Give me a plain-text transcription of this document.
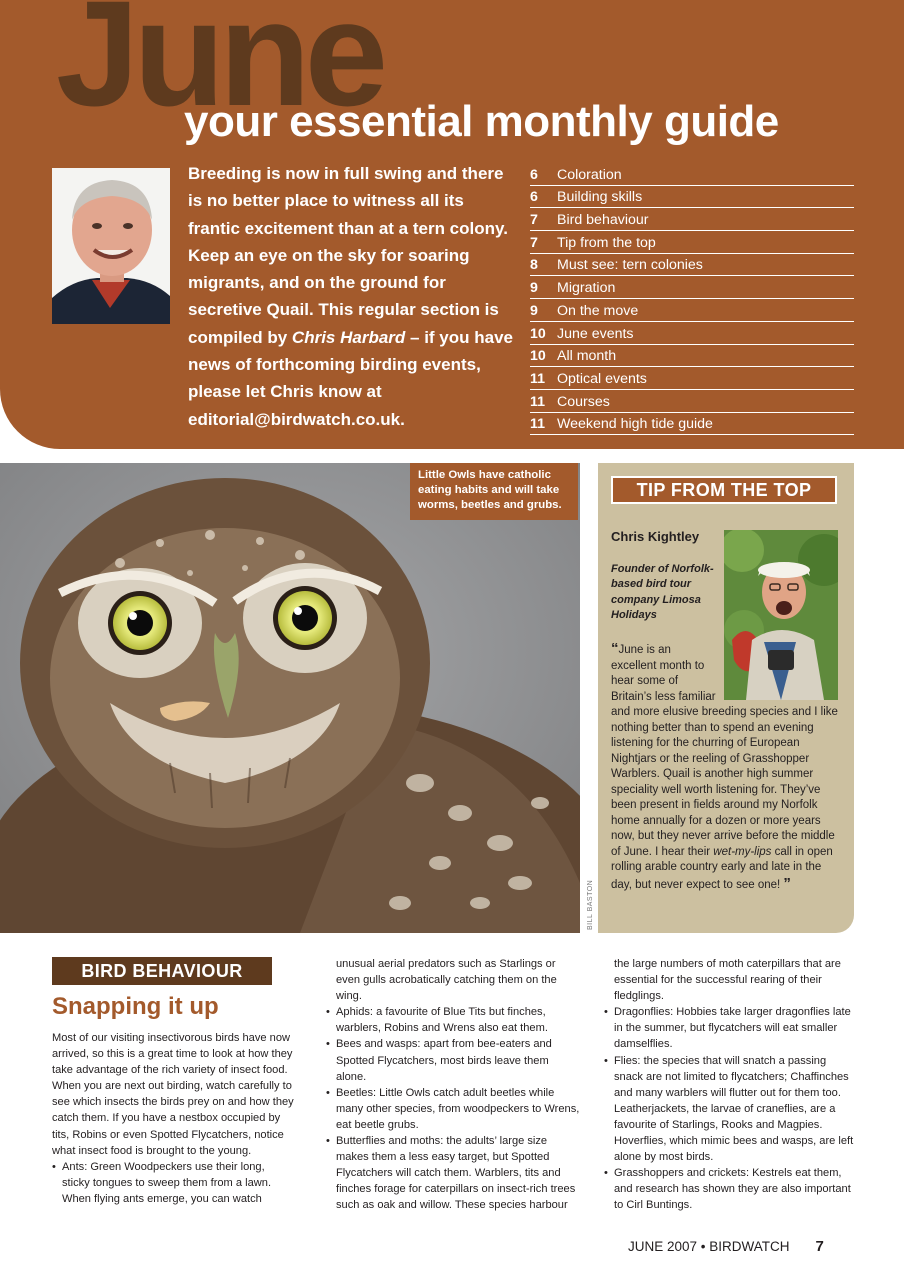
June
your essential monthly guide
Breeding is now in full swing and there is no better place to witness all its frantic excitement than at a tern colony. Keep an eye on the sky for soaring migrants, and on the ground for secretive Quail. This regular section is compiled by Chris Harbard – if you have news of forthcoming birding events, please let Chris know at editorial@birdwatch.co.uk.
6	Coloration
6	Building skills
7	Bird behaviour
7	Tip from the top
8	Must see: tern colonies
9	Migration
9	On the move
10 June events
10 All month
11 Optical events
11 Courses
11 Weekend high tide guide
Little Owls have catholic eating habits and will take worms, beetles and grubs.
BILL BASTON
TIP FROM THE TOP
Chris Kightley
Founder of Norfolk-based bird tour company Limosa Holidays
“June is an excellent month to hear some of Britain’s less familiar and more elusive breeding species and I like nothing better than to spend an evening listening for the churring of European Nightjars or the reeling of Grasshopper Warblers. Quail is another high summer speciality well worth listening for. They’ve been present in fields around my Norfolk home annually for a dozen or more years now, but they never arrive before the middle of June. I hear their wet-my-lips call in open rolling arable country early and late in the day, but never expect to see one! ”
BIRD BEHAVIOUR
Snapping it up

Most of our visiting insectivorous birds have now arrived, so this is a great time to look at how they take advantage of the rich variety of insect food. When you are next out birding, watch carefully to see which insects the birds prey on and how they catch them. If you have a nestbox occupied by tits, Robins or even Spotted Flycatchers, notice what insect food is brought to the young.

• Ants: Green Woodpeckers use their long, sticky tongues to sweep them from a lawn. When flying ants emerge, you can watch

unusual aerial predators such as Starlings or even gulls acrobatically catching them on the wing.

• Aphids: a favourite of Blue Tits but finches, warblers, Robins and Wrens also eat them.
• Bees and wasps: apart from bee-eaters and Spotted Flycatchers, most birds leave them alone.
• Beetles: Little Owls catch adult beetles while many other species, from woodpeckers to Wrens, eat beetle grubs.
• Butterflies and moths: the adults’ large size makes them a less easy target, but Spotted Flycatchers will catch them. Warblers, tits and finches forage for caterpillars on insect-rich trees such as oak and willow. These species harbour

the large numbers of moth caterpillars that are essential for the successful rearing of their fledglings.

• Dragonflies: Hobbies take larger dragonflies late in the summer, but flycatchers will eat smaller damselflies.
• Flies: the species that will snatch a passing snack are not limited to flycatchers; Chaffinches and many warblers will flutter out for them too. Leatherjackets, the larvae of craneflies, are a favourite of Starlings, Rooks and Magpies. Hoverflies, which mimic bees and wasps, are left alone by most birds.
• Grasshoppers and crickets: Kestrels eat them, and research has shown they are also important to Cirl Buntings.
JUNE 2007 • BIRDWATCH 7
